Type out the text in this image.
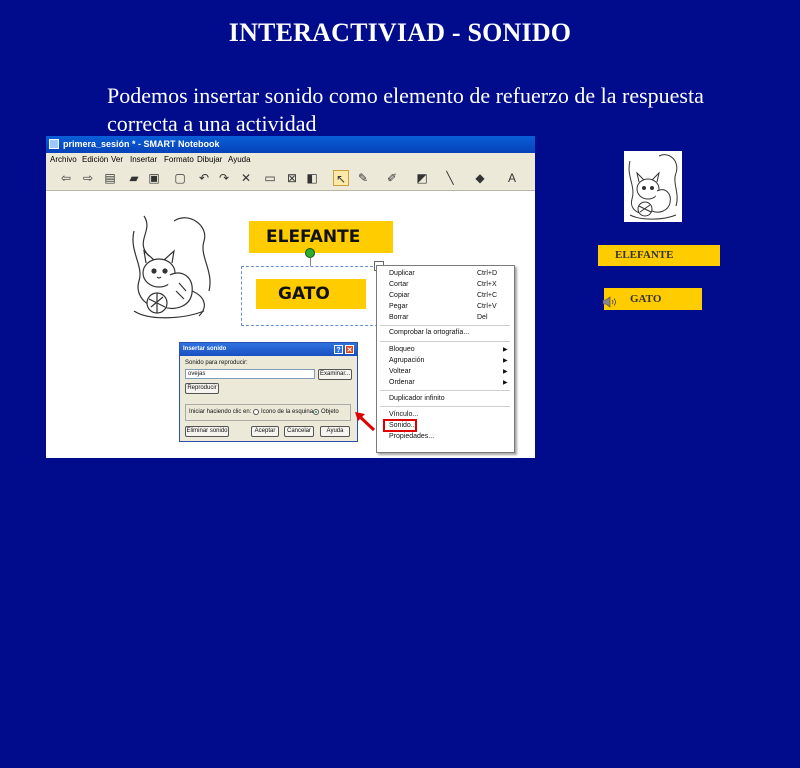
INTERACTIVIAD - SONIDO
Podemos insertar sonido como elemento de refuerzo de la respuesta correcta a una actividad
primera_sesión * - SMART Notebook
Archivo Edición Ver Insertar Formato Dibujar Ayuda
⇦ ⇨ ▤ ▰ ▣ ▢ ↶ ↷ ✕ ▭ ⊠ ◧ ↖ ✎ ✐ ◩	╲	◆	A
ELEFANTE
GATO
Insertar sonido	? ✕
Sonido para reproducir:
ovejas	Examinar...
Reproducir
Iniciar haciendo clic en: Icono de la esquina Objeto
Eliminar sonido	Aceptar	Cancelar	Ayuda
Duplicar	Ctrl+D
Cortar	Ctrl+X
Copiar	Ctrl+C
Pegar	Ctrl+V
Borrar	Del
Comprobar la ortografía...
Bloqueo	▶
Agrupación	▶
Voltear	▶
Ordenar	▶
Duplicador infinito
Vínculo...
Sonido...
Propiedades...
ELEFANTE
GATO
